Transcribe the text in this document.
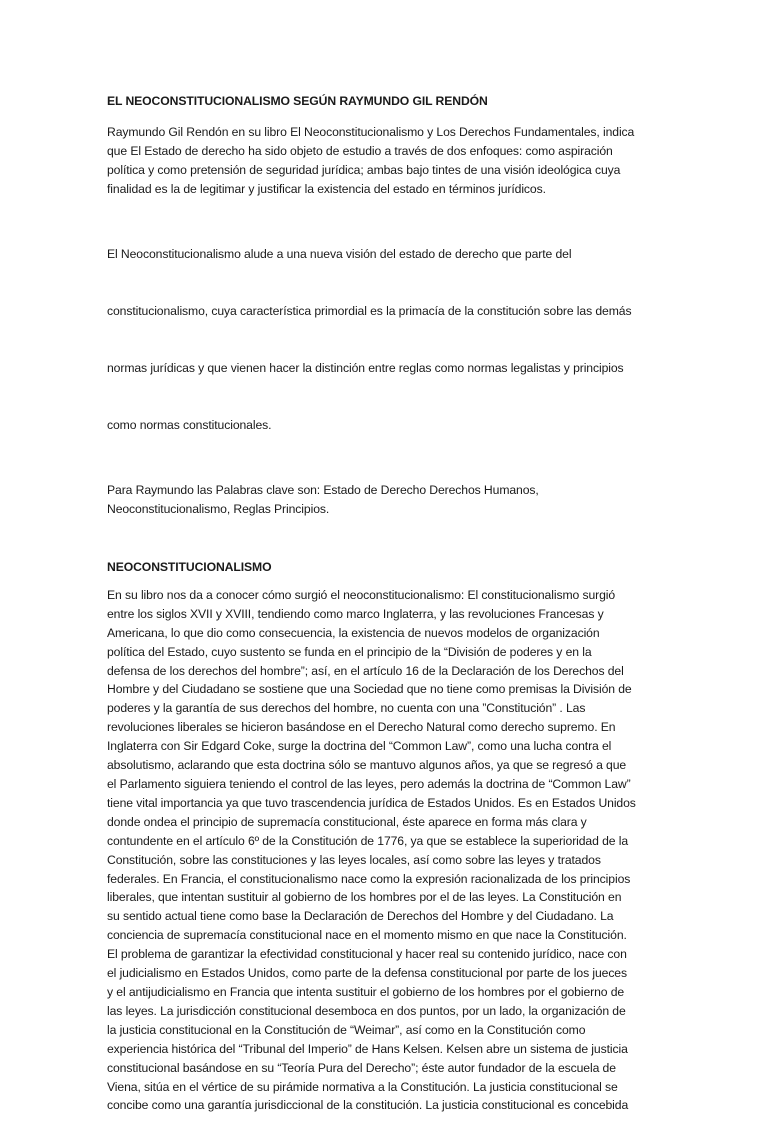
EL NEOCONSTITUCIONALISMO SEGÚN RAYMUNDO GIL RENDÓN
Raymundo Gil Rendón en su libro El Neoconstitucionalismo y Los Derechos Fundamentales, indica
que El Estado de derecho ha sido objeto de estudio a través de dos enfoques: como aspiración
política y como pretensión de seguridad jurídica; ambas bajo tintes de una visión ideológica cuya
finalidad es la de legitimar y justificar la existencia del estado en términos jurídicos.

El Neoconstitucionalismo alude a una nueva visión del estado de derecho que parte del

constitucionalismo, cuya característica primordial es la primacía de la constitución sobre las demás

normas jurídicas y que vienen hacer la distinción entre reglas como normas legalistas y principios

como normas constitucionales.

Para Raymundo las Palabras clave son: Estado de Derecho Derechos Humanos,
Neoconstitucionalismo, Reglas Principios.
NEOCONSTITUCIONALISMO
En su libro nos da a conocer cómo surgió el neoconstitucionalismo: El constitucionalismo surgió
entre los siglos XVII y XVIII, tendiendo como marco Inglaterra, y las revoluciones Francesas y
Americana, lo que dio como consecuencia, la existencia de nuevos modelos de organización
política del Estado, cuyo sustento se funda en el principio de la “División de poderes y en la
defensa de los derechos del hombre”; así, en el artículo 16 de la Declaración de los Derechos del
Hombre y del Ciudadano se sostiene que una Sociedad que no tiene como premisas la División de
poderes y la garantía de sus derechos del hombre, no cuenta con una ”Constitución” . Las
revoluciones liberales se hicieron basándose en el Derecho Natural como derecho supremo. En
Inglaterra con Sir Edgard Coke, surge la doctrina del “Common Law”, como una lucha contra el
absolutismo, aclarando que esta doctrina sólo se mantuvo algunos años, ya que se regresó a que
el Parlamento siguiera teniendo el control de las leyes, pero además la doctrina de “Common Law”
tiene vital importancia ya que tuvo trascendencia jurídica de Estados Unidos. Es en Estados Unidos
donde ondea el principio de supremacía constitucional, éste aparece en forma más clara y
contundente en el artículo 6º de la Constitución de 1776, ya que se establece la superioridad de la
Constitución, sobre las constituciones y las leyes locales, así como sobre las leyes y tratados
federales. En Francia, el constitucionalismo nace como la expresión racionalizada de los principios
liberales, que intentan sustituir al gobierno de los hombres por el de las leyes. La Constitución en
su sentido actual tiene como base la Declaración de Derechos del Hombre y del Ciudadano. La
conciencia de supremacía constitucional nace en el momento mismo en que nace la Constitución.
El problema de garantizar la efectividad constitucional y hacer real su contenido jurídico, nace con
el judicialismo en Estados Unidos, como parte de la defensa constitucional por parte de los jueces
y el antijudicialismo en Francia que intenta sustituir el gobierno de los hombres por el gobierno de
las leyes. La jurisdicción constitucional desemboca en dos puntos, por un lado, la organización de
la justicia constitucional en la Constitución de “Weimar”, así como en la Constitución como
experiencia histórica del “Tribunal del Imperio” de Hans Kelsen. Kelsen abre un sistema de justicia
constitucional basándose en su “Teoría Pura del Derecho”; éste autor fundador de la escuela de
Viena, sitúa en el vértice de su pirámide normativa a la Constitución. La justicia constitucional se
concibe como una garantía jurisdiccional de la constitución. La justicia constitucional es concebida
